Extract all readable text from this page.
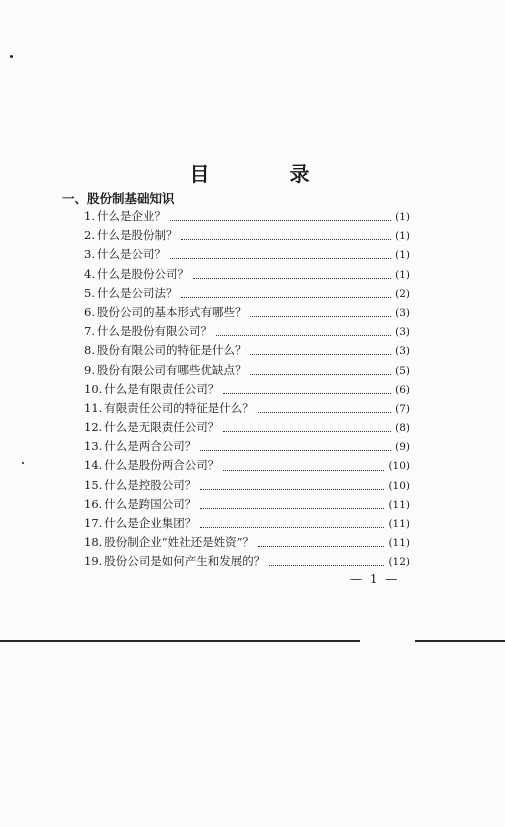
目　录
一、股份制基础知识
1. 什么是企业？	(1)
2. 什么是股份制？	(1)
3. 什么是公司？	(1)
4. 什么是股份公司？	(1)
5. 什么是公司法？	(2)
6. 股份公司的基本形式有哪些？	(3)
7. 什么是股份有限公司？	(3)
8. 股份有限公司的特征是什么？	(3)
9. 股份有限公司有哪些优缺点？	(5)
10. 什么是有限责任公司？	(6)
11. 有限责任公司的特征是什么？	(7)
12. 什么是无限责任公司？	(8)
13. 什么是两合公司？	(9)
14. 什么是股份两合公司？	(10)
15. 什么是控股公司？	(10)
16. 什么是跨国公司？	(11)
17. 什么是企业集团？	(11)
18. 股份制企业“姓社还是姓资”？	(11)
19. 股份公司是如何产生和发展的？	(12)
— 1 —
